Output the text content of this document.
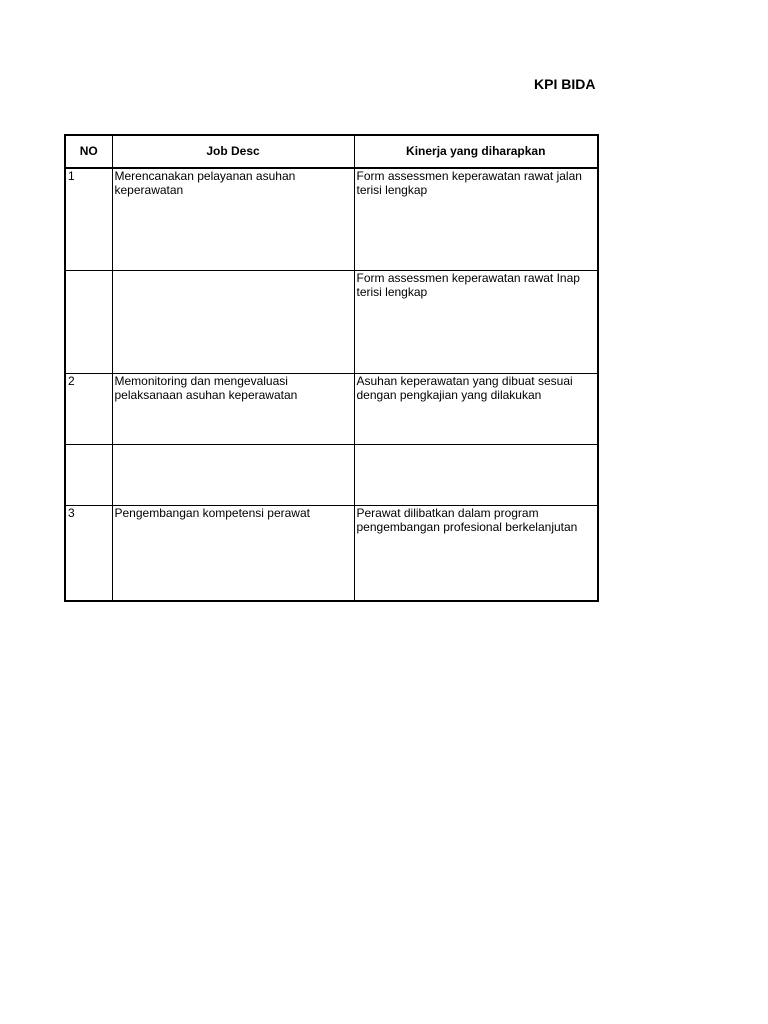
KPI BIDA
NO	Job Desc	Kinerja yang diharapkan
1	Merencanakan pelayanan asuhan keperawatan	Form assessmen keperawatan rawat jalan terisi lengkap
		Form assessmen keperawatan rawat Inap terisi lengkap
2	Memonitoring dan mengevaluasi pelaksanaan asuhan keperawatan	Asuhan keperawatan yang dibuat sesuai dengan pengkajian yang dilakukan

3	Pengembangan kompetensi perawat	Perawat dilibatkan dalam program pengembangan profesional berkelanjutan
